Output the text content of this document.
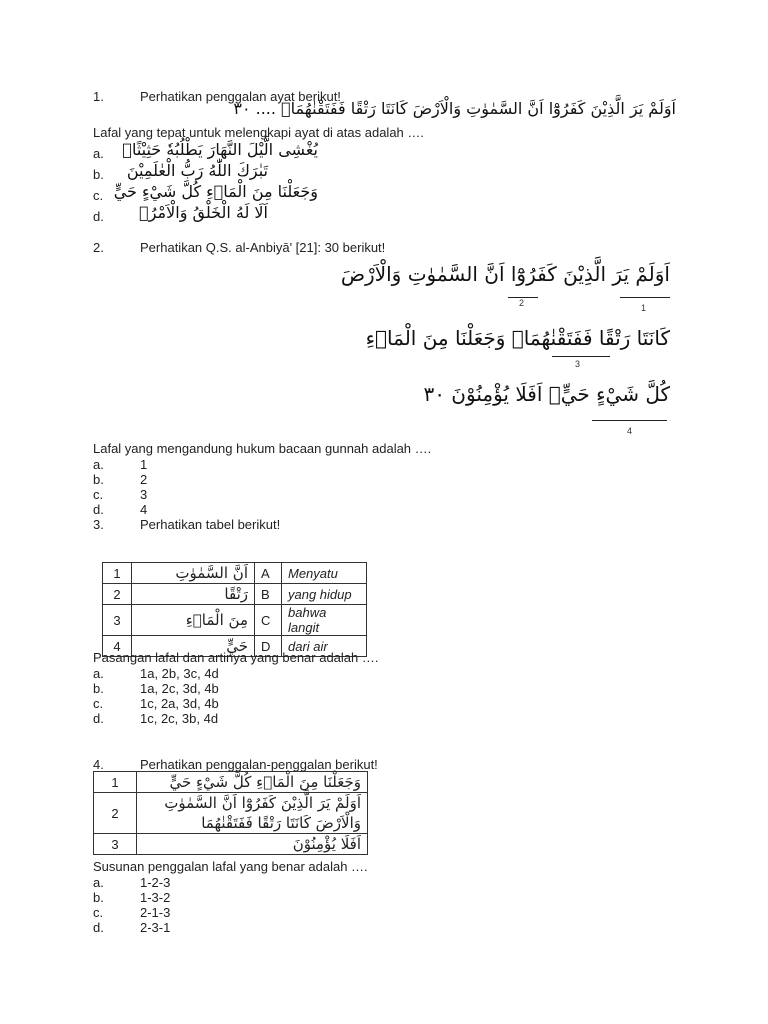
1.	Perhatikan penggalan ayat berikut!
اَوَلَمْ يَرَ الَّذِيْنَ كَفَرُوْٓا اَنَّ السَّمٰوٰتِ وَالْاَرْضَ كَانَتَا رَتْقًا فَفَتَقْنٰهُمَاۗ .... ٣٠
Lafal yang tepat untuk melengkapi ayat di atas adalah ….
a. يُغْشِى الَّيْلَ النَّهَارَ يَطْلُبُهٗ حَثِيْثًاۙ
b. تَبٰرَكَ اللّٰهُ رَبُّ الْعٰلَمِيْنَ
c. وَجَعَلْنَا مِنَ الْمَاۤءِ كُلَّ شَيْءٍ حَيٍّ
d. اَلَا لَهُ الْخَلْقُ وَالْاَمْرُۗ
2.	Perhatikan Q.S. al-Anbiyā' [21]: 30 berikut!
اَوَلَمْ يَرَ الَّذِيْنَ كَفَرُوْٓا اَنَّ السَّمٰوٰتِ وَالْاَرْضَ
1
2
كَانَتَا رَتْقًا فَفَتَقْنٰهُمَاۗ وَجَعَلْنَا مِنَ الْمَاۤءِ
3
كُلَّ شَيْءٍ حَيٍّۗ اَفَلَا يُؤْمِنُوْنَ ٣٠
4
Lafal yang mengandung hukum bacaan gunnah adalah ….
a.	1
b.	2
c.	3
d.	4
3.	Perhatikan tabel berikut!
1	اَنَّ السَّمٰوٰتِ	A	Menyatu
2	رَتْقًا	B	yang hidup
3	مِنَ الْمَاۤءِ	C	bahwa langit
4	حَيٍّ	D	dari air
Pasangan lafal dan artinya yang benar adalah ….
a.	1a, 2b, 3c, 4d
b.	1a, 2c, 3d, 4b
c.	1c, 2a, 3d, 4b
d.	1c, 2c, 3b, 4d
4.	Perhatikan penggalan-penggalan berikut!
1	وَجَعَلْنَا مِنَ الْمَاۤءِ كُلَّ شَيْءٍ حَيٍّ

2	اَوَلَمْ يَرَ الَّذِيْنَ كَفَرُوْٓا اَنَّ السَّمٰوٰتِ
وَالْاَرْضَ كَانَتَا رَتْقًا فَفَتَقْنٰهُمَا

3	اَفَلَا يُؤْمِنُوْنَ
Susunan penggalan lafal yang benar adalah ….
a.	1-2-3
b.	1-3-2
c.	2-1-3
d.	2-3-1
